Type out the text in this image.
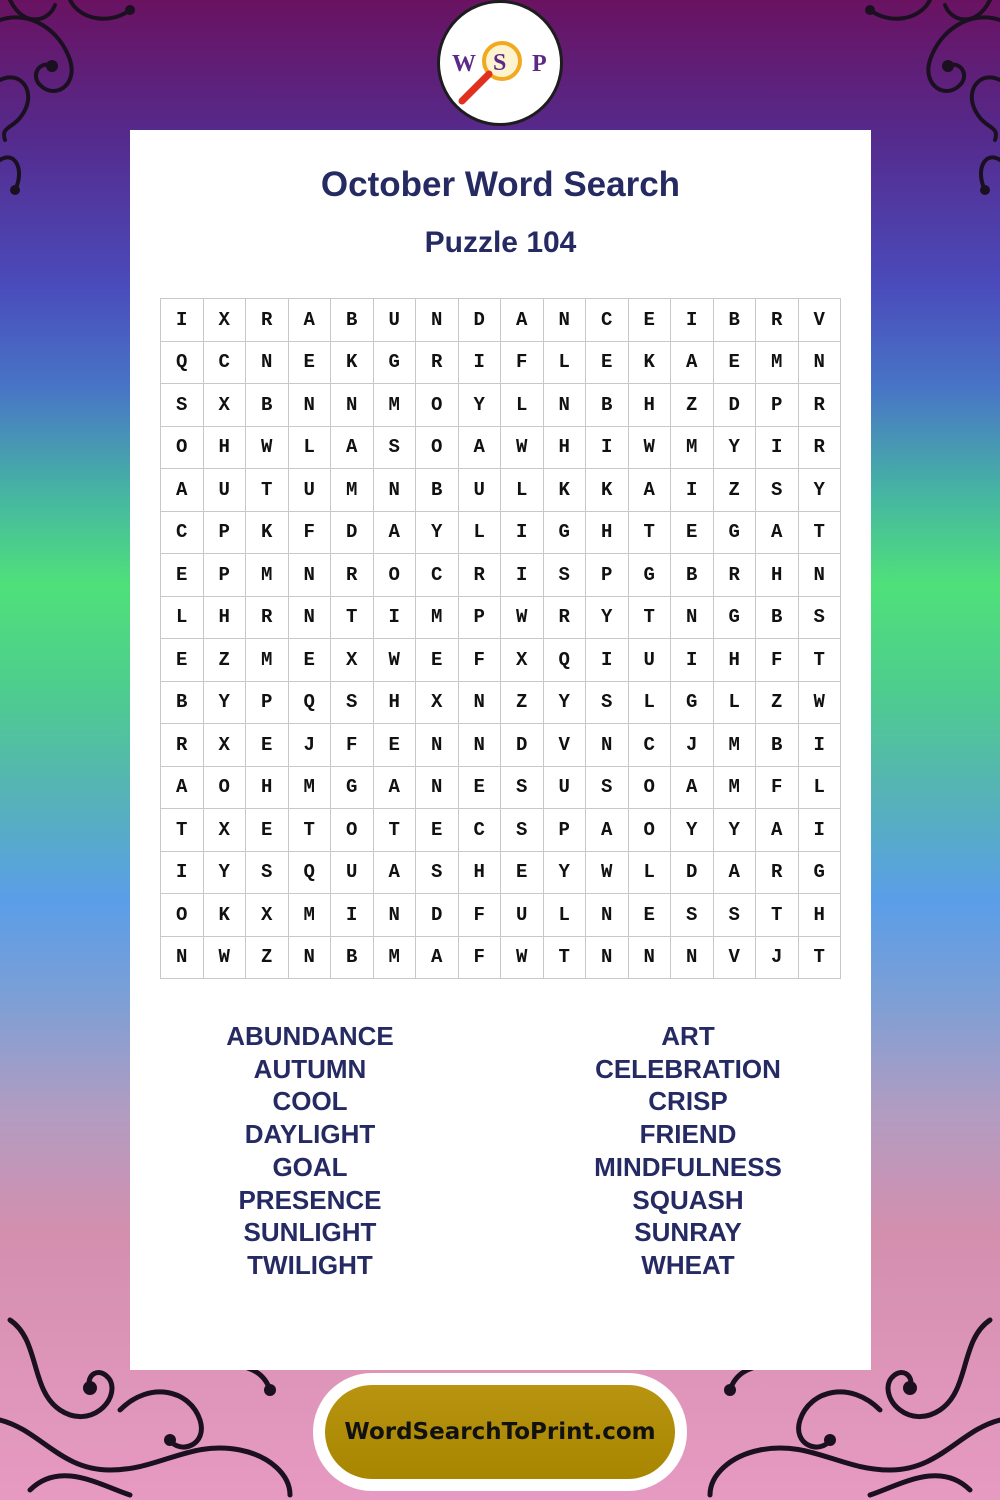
W S P
October Word Search
Puzzle 104
I	X	R	A	B	U	N	D	A	N	C	E	I	B	R	V
Q	C	N	E	K	G	R	I	F	L	E	K	A	E	M	N
S	X	B	N	N	M	O	Y	L	N	B	H	Z	D	P	R
O	H	W	L	A	S	O	A	W	H	I	W	M	Y	I	R
A	U	T	U	M	N	B	U	L	K	K	A	I	Z	S	Y
C	P	K	F	D	A	Y	L	I	G	H	T	E	G	A	T
E	P	M	N	R	O	C	R	I	S	P	G	B	R	H	N
L	H	R	N	T	I	M	P	W	R	Y	T	N	G	B	S
E	Z	M	E	X	W	E	F	X	Q	I	U	I	H	F	T
B	Y	P	Q	S	H	X	N	Z	Y	S	L	G	L	Z	W
R	X	E	J	F	E	N	N	D	V	N	C	J	M	B	I
A	O	H	M	G	A	N	E	S	U	S	O	A	M	F	L
T	X	E	T	O	T	E	C	S	P	A	O	Y	Y	A	I
I	Y	S	Q	U	A	S	H	E	Y	W	L	D	A	R	G
O	K	X	M	I	N	D	F	U	L	N	E	S	S	T	H
N	W	Z	N	B	M	A	F	W	T	N	N	N	V	J	T
ABUNDANCE
AUTUMN
COOL
DAYLIGHT
GOAL
PRESENCE
SUNLIGHT
TWILIGHT
ART
CELEBRATION
CRISP
FRIEND
MINDFULNESS
SQUASH
SUNRAY
WHEAT
WordSearchToPrint.com
